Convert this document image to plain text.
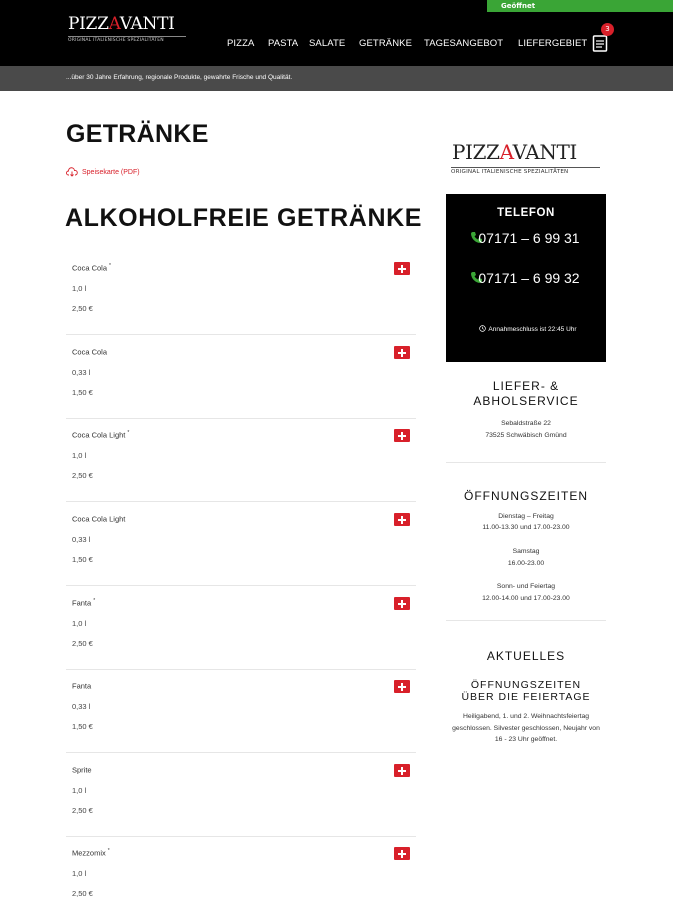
Geöffnet
PIZZAVANTI
ORIGINAL ITALIENISCHE SPEZIALITÄTEN	PIZZA PASTA SALATE GETRÄNKE TAGESANGEBOT LIEFERGEBIET
3
...über 30 Jahre Erfahrung, regionale Produkte, gewahrte Frische und Qualität.
GETRÄNKE
Speisekarte (PDF)
ALKOHOLFREIE GETRÄNKE
Coca Cola *
1,0 l
2,50 €
Coca Cola
0,33 l
1,50 €
Coca Cola Light *
1,0 l
2,50 €
Coca Cola Light
0,33 l
1,50 €
Fanta *
1,0 l
2,50 €
Fanta
0,33 l
1,50 €
Sprite
1,0 l
2,50 €
Mezzomix *
1,0 l
2,50 €
PIZZAVANTI
ORIGINAL ITALIENISCHE SPEZIALITÄTEN
TELEFON
07171 – 6 99 31
07171 – 6 99 32
Annahmeschluss ist 22:45 Uhr
LIEFER- & ABHOLSERVICE
Sebaldstraße 22
73525 Schwäbisch Gmünd
ÖFFNUNGSZEITEN
Dienstag – Freitag
11.00-13.30 und 17.00-23.00
Samstag
16.00-23.00
Sonn- und Feiertag
12.00-14.00 und 17.00-23.00
AKTUELLES
ÖFFNUNGSZEITEN ÜBER DIE FEIERTAGE
Heiligabend, 1. und 2. Weihnachtsfeiertag geschlossen. Silvester geschlossen, Neujahr von 16 - 23 Uhr geöffnet.
